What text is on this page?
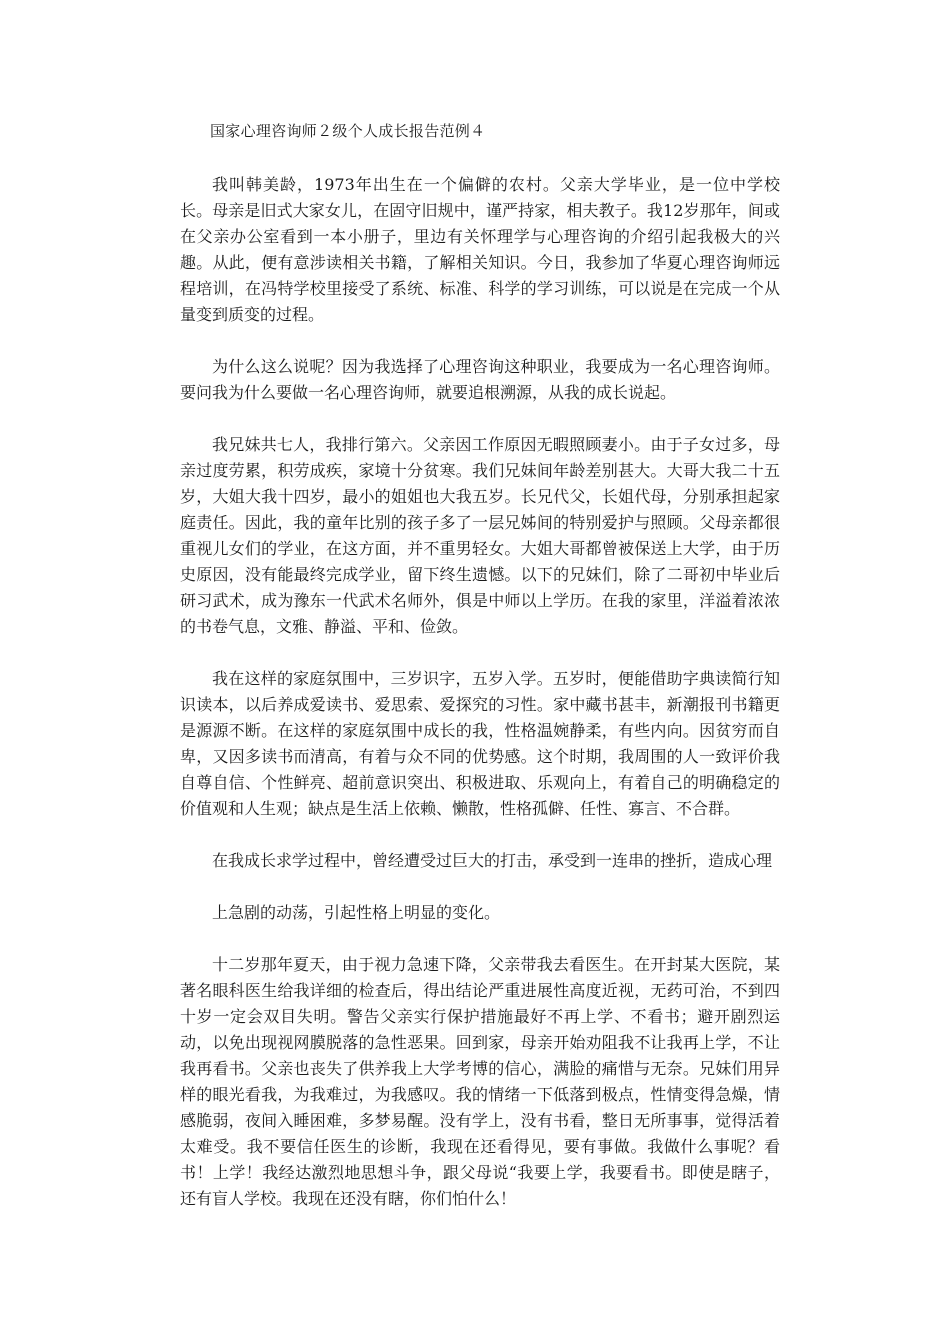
国家心理咨询师２级个人成长报告范例４

我叫韩美龄，1973年出生在一个偏僻的农村。父亲大学毕业，是一位中学校长。母亲是旧式大家女儿，在固守旧规中，谨严持家，相夫教子。我12岁那年，间或在父亲办公室看到一本小册子，里边有关怀理学与心理咨询的介绍引起我极大的兴趣。从此，便有意涉读相关书籍，了解相关知识。今日，我参加了华夏心理咨询师远程培训，在冯特学校里接受了系统、标准、科学的学习训练，可以说是在完成一个从量变到质变的过程。

为什么这么说呢？因为我选择了心理咨询这种职业，我要成为一名心理咨询师。要问我为什么要做一名心理咨询师，就要追根溯源，从我的成长说起。

我兄妹共七人，我排行第六。父亲因工作原因无暇照顾妻小。由于子女过多，母亲过度劳累，积劳成疾，家境十分贫寒。我们兄妹间年龄差别甚大。大哥大我二十五岁，大姐大我十四岁，最小的姐姐也大我五岁。长兄代父，长姐代母，分别承担起家庭责任。因此，我的童年比别的孩子多了一层兄姊间的特别爱护与照顾。父母亲都很重视儿女们的学业，在这方面，并不重男轻女。大姐大哥都曾被保送上大学，由于历史原因，没有能最终完成学业，留下终生遗憾。以下的兄妹们，除了二哥初中毕业后研习武术，成为豫东一代武术名师外，俱是中师以上学历。在我的家里，洋溢着浓浓的书卷气息，文雅、静溢、平和、俭敛。

我在这样的家庭氛围中，三岁识字，五岁入学。五岁时，便能借助字典读简行知识读本，以后养成爱读书、爱思索、爱探究的习性。家中藏书甚丰，新潮报刊书籍更是源源不断。在这样的家庭氛围中成长的我，性格温婉静柔，有些内向。因贫穷而自卑，又因多读书而清高，有着与众不同的优势感。这个时期，我周围的人一致评价我自尊自信、个性鲜亮、超前意识突出、积极进取、乐观向上，有着自己的明确稳定的价值观和人生观；缺点是生活上依赖、懒散，性格孤僻、任性、寡言、不合群。

在我成长求学过程中，曾经遭受过巨大的打击，承受到一连串的挫折，造成心理

上急剧的动荡，引起性格上明显的变化。

十二岁那年夏天，由于视力急速下降，父亲带我去看医生。在开封某大医院，某著名眼科医生给我详细的检查后，得出结论严重进展性高度近视，无药可治，不到四十岁一定会双目失明。警告父亲实行保护措施最好不再上学、不看书；避开剧烈运动，以免出现视网膜脱落的急性恶果。回到家，母亲开始劝阻我不让我再上学，不让我再看书。父亲也丧失了供养我上大学考博的信心，满脸的痛惜与无奈。兄妹们用异样的眼光看我，为我难过，为我感叹。我的情绪一下低落到极点，性情变得急燥，情感脆弱，夜间入睡困难，多梦易醒。没有学上，没有书看，整日无所事事，觉得活着太难受。我不要信任医生的诊断，我现在还看得见，要有事做。我做什么事呢？看书！上学！我经达激烈地思想斗争，跟父母说“我要上学，我要看书。即使是瞎子，还有盲人学校。我现在还没有瞎，你们怕什么！
